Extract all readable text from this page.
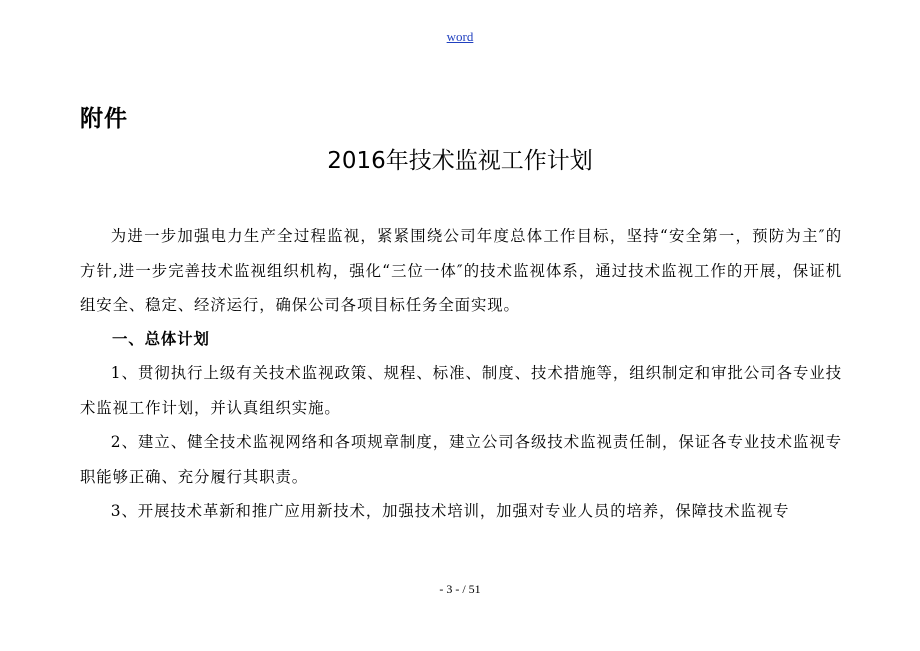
word
附件
2016年技术监视工作计划

为进一步加强电力生产全过程监视，紧紧围绕公司年度总体工作目标，坚持“安全第一，预防为主″的方针,进一步完善技术监视组织机构，强化“三位一体″的技术监视体系，通过技术监视工作的开展，保证机组安全、稳定、经济运行，确保公司各项目标任务全面实现。

一、总体计划

1、贯彻执行上级有关技术监视政策、规程、标准、制度、技术措施等，组织制定和审批公司各专业技术监视工作计划，并认真组织实施。

2、建立、健全技术监视网络和各项规章制度，建立公司各级技术监视责任制，保证各专业技术监视专职能够正确、充分履行其职责。

3、开展技术革新和推广应用新技术，加强技术培训，加强对专业人员的培养，保障技术监视专

- 3 - / 51
